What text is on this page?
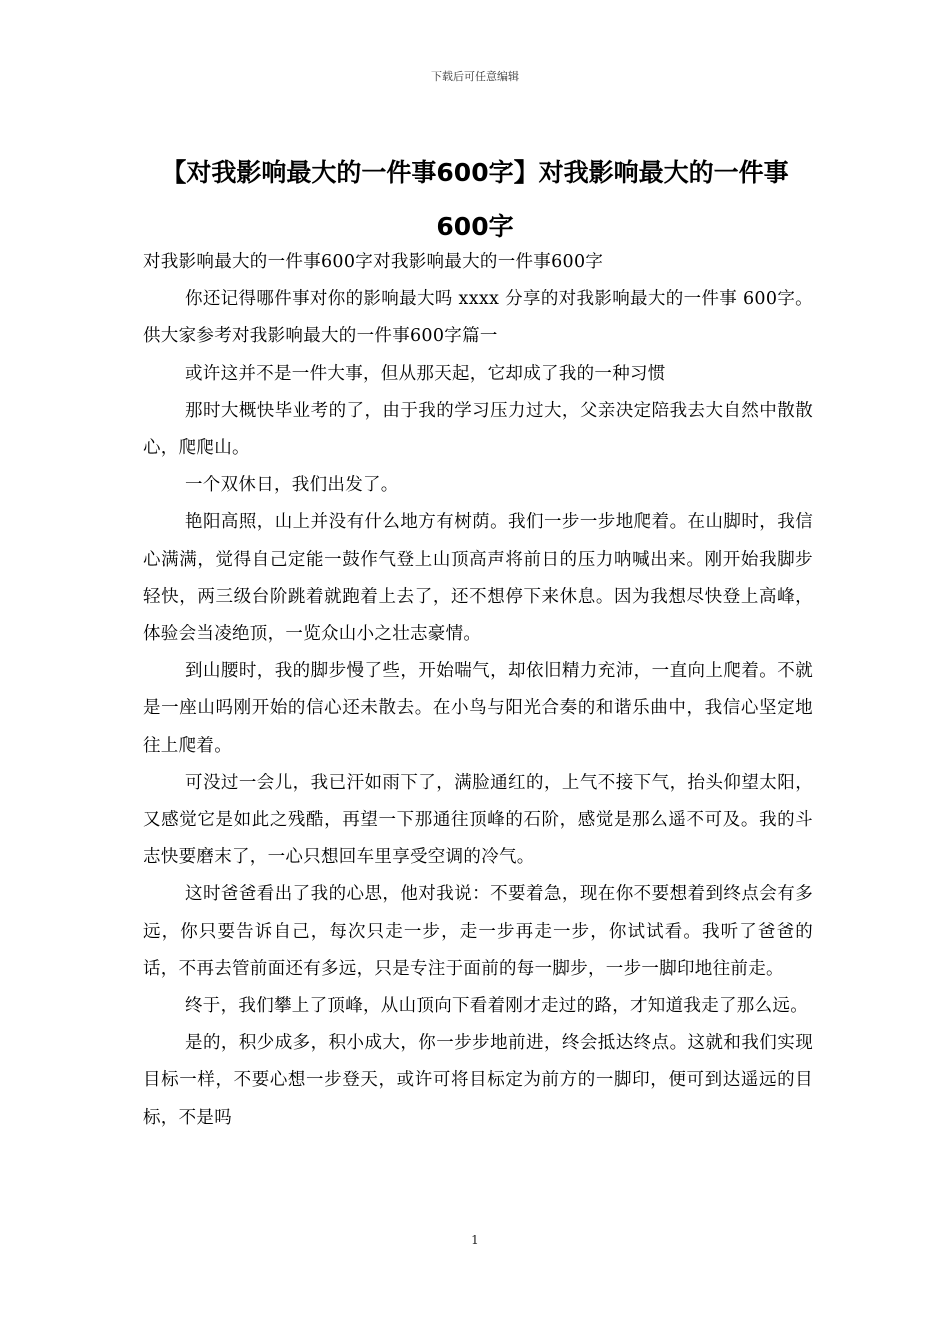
下载后可任意编辑
【对我影响最大的一件事600字】对我影响最大的一件事600字

对我影响最大的一件事600字对我影响最大的一件事600字

你还记得哪件事对你的影响最大吗 xxxx 分享的对我影响最大的一件事 600字。供大家参考对我影响最大的一件事600字篇一

或许这并不是一件大事，但从那天起，它却成了我的一种习惯

那时大概快毕业考的了，由于我的学习压力过大，父亲决定陪我去大自然中散散心，爬爬山。

一个双休日，我们出发了。

艳阳高照，山上并没有什么地方有树荫。我们一步一步地爬着。在山脚时，我信心满满，觉得自己定能一鼓作气登上山顶高声将前日的压力呐喊出来。刚开始我脚步轻快，两三级台阶跳着就跑着上去了，还不想停下来休息。因为我想尽快登上高峰，体验会当凌绝顶，一览众山小之壮志豪情。

到山腰时，我的脚步慢了些，开始喘气，却依旧精力充沛，一直向上爬着。不就是一座山吗刚开始的信心还未散去。在小鸟与阳光合奏的和谐乐曲中，我信心坚定地往上爬着。

可没过一会儿，我已汗如雨下了，满脸通红的，上气不接下气，抬头仰望太阳，又感觉它是如此之残酷，再望一下那通往顶峰的石阶，感觉是那么遥不可及。我的斗志快要磨末了，一心只想回车里享受空调的冷气。

这时爸爸看出了我的心思，他对我说：不要着急，现在你不要想着到终点会有多远，你只要告诉自己，每次只走一步，走一步再走一步，你试试看。我听了爸爸的话，不再去管前面还有多远，只是专注于面前的每一脚步，一步一脚印地往前走。

终于，我们攀上了顶峰，从山顶向下看着刚才走过的路，才知道我走了那么远。

是的，积少成多，积小成大，你一步步地前进，终会抵达终点。这就和我们实现目标一样，不要心想一步登天，或许可将目标定为前方的一脚印，便可到达遥远的目标，不是吗

1
